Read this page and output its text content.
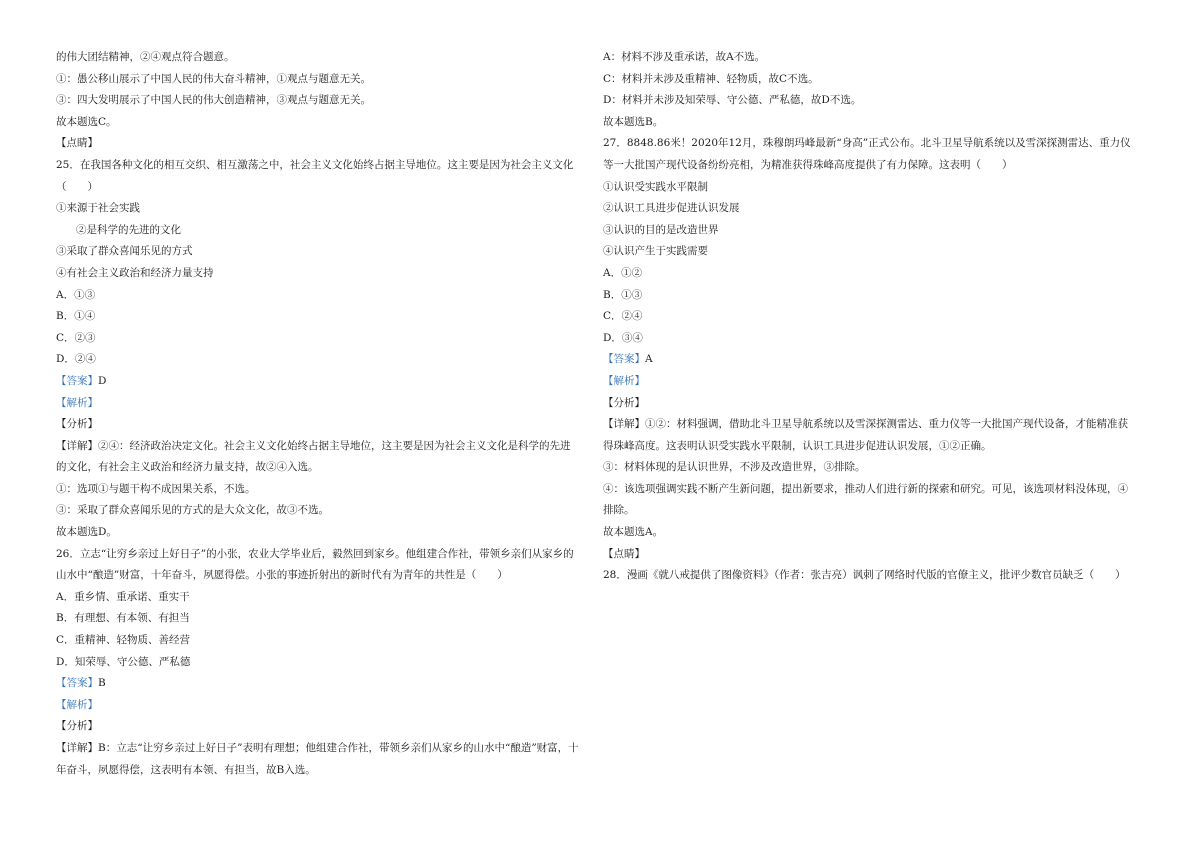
的伟大团结精神，②④观点符合题意。
①：愚公移山展示了中国人民的伟大奋斗精神，①观点与题意无关。
③：四大发明展示了中国人民的伟大创造精神，③观点与题意无关。
故本题选C。
【点睛】
25．在我国各种文化的相互交织、相互激荡之中，社会主义文化始终占据主导地位。这主要是因为社会主义文化（　　）
①来源于社会实践
②是科学的先进的文化
③采取了群众喜闻乐见的方式
④有社会主义政治和经济力量支持
A．①③
B．①④
C．②③
D．②④
【答案】D
【解析】
【分析】
【详解】②④：经济政治决定文化。社会主义文化始终占据主导地位，这主要是因为社会主义文化是科学的先进的文化，有社会主义政治和经济力量支持，故②④入选。
①：选项①与题干构不成因果关系，不选。
③：采取了群众喜闻乐见的方式的是大众文化，故③不选。
故本题选D。
26．立志“让穷乡亲过上好日子”的小张，农业大学毕业后，毅然回到家乡。他组建合作社，带领乡亲们从家乡的山水中“酿造”财富，十年奋斗，夙愿得偿。小张的事迹折射出的新时代有为青年的共性是（　　）
A．重乡情、重承诺、重实干
B．有理想、有本领、有担当
C．重精神、轻物质、善经营
D．知荣辱、守公德、严私德
【答案】B
【解析】
【分析】
【详解】B：立志“让穷乡亲过上好日子”表明有理想；他组建合作社，带领乡亲们从家乡的山水中“酿造”财富，十年奋斗，夙愿得偿，这表明有本领、有担当，故B入选。
A：材料不涉及重承诺，故A不选。
C：材料并未涉及重精神、轻物质，故C不选。
D：材料并未涉及知荣辱、守公德、严私德，故D不选。
故本题选B。
27．8848.86米！2020年12月，珠穆朗玛峰最新“身高”正式公布。北斗卫星导航系统以及雪深探测雷达、重力仪等一大批国产现代设备纷纷亮相，为精准获得珠峰高度提供了有力保障。这表明（　　）
①认识受实践水平限制
②认识工具进步促进认识发展
③认识的目的是改造世界
④认识产生于实践需要
A．①②
B．①③
C．②④
D．③④
【答案】A
【解析】
【分析】
【详解】①②：材料强调，借助北斗卫星导航系统以及雪深探测雷达、重力仪等一大批国产现代设备，才能精准获得珠峰高度。这表明认识受实践水平限制，认识工具进步促进认识发展，①②正确。
③：材料体现的是认识世界，不涉及改造世界，③排除。
④：该选项强调实践不断产生新问题，提出新要求，推动人们进行新的探索和研究。可见，该选项材料没体现，④排除。
故本题选A。
【点睛】
28．漫画《就八戒提供了图像资料》（作者：张吉亮）讽刺了网络时代版的官僚主义，批评少数官员缺乏（　　）
